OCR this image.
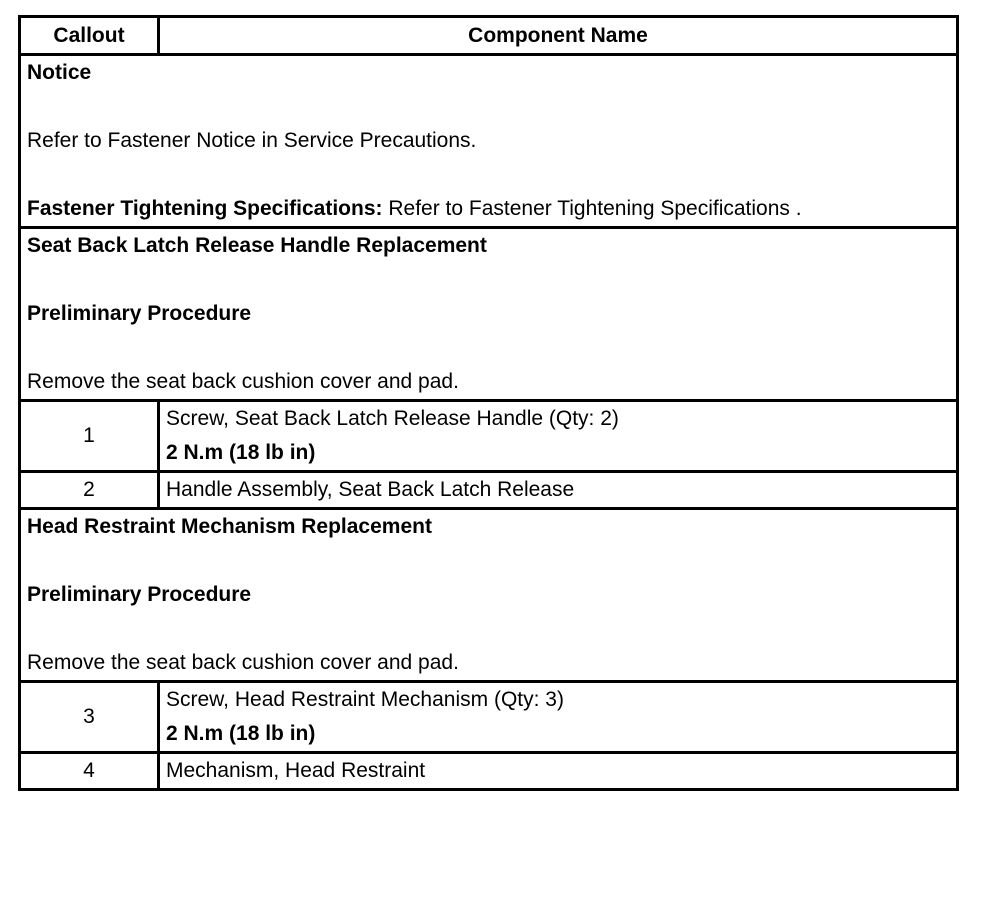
Callout	Component Name

Notice

Refer to Fastener Notice in Service Precautions.

Fastener Tightening Specifications: Refer to Fastener Tightening Specifications .	

Seat Back Latch Release Handle Replacement

Preliminary Procedure

Remove the seat back cushion cover and pad.	

1	Screw, Seat Back Latch Release Handle (Qty: 2)

2 N.m (18 lb in)

2	Handle Assembly, Seat Back Latch Release

Head Restraint Mechanism Replacement

Preliminary Procedure

Remove the seat back cushion cover and pad.	

3	Screw, Head Restraint Mechanism (Qty: 3)

2 N.m (18 lb in)

4	Mechanism, Head Restraint
